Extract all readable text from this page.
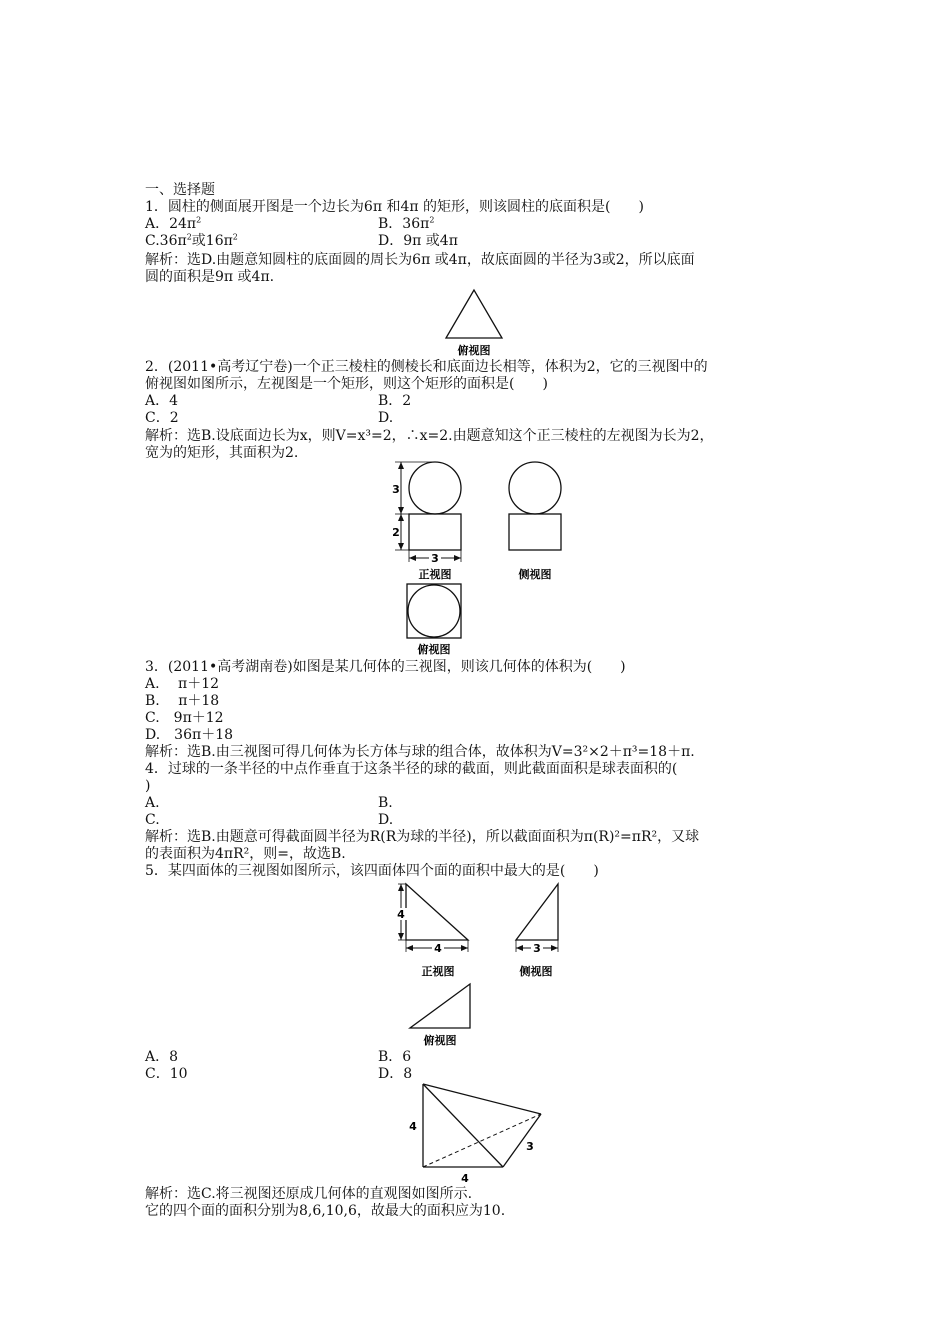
一、选择题
1．圆柱的侧面展开图是一个边长为6π 和4π 的矩形，则该圆柱的底面积是(　　)
A．$24\pi^2$	B．$36\pi^2$
$C.36\pi^2$或$16\pi^2$	D．9π 或4π
解析：选D.由题意知圆柱的底面圆的周长为6π 或4π，故底面圆的半径为3或2，所以底面
圆的面积是9π 或4π.
俯视图
2．(2011•高考辽宁卷)一个正三棱柱的侧棱长和底面边长相等，体积为2，它的三视图中的
俯视图如图所示，左视图是一个矩形，则这个矩形的面积是(　　)
A．4	B．2
C．2	D.
解析：选B.设底面边长为x，则V=x³=2，∴x=2.由题意知这个正三棱柱的左视图为长为2，
宽为的矩形，其面积为2.
3
2
3
正视图	侧视图
俯视图
3．(2011•高考湖南卷)如图是某几何体的三视图，则该几何体的体积为(　　)
A.　 π＋12
B.　 π＋18
C.　9π＋12
D.　36π＋18
解析：选B.由三视图可得几何体为长方体与球的组合体，故体积为V=3²×2＋π³=18＋π.
4．过球的一条半径的中点作垂直于这条半径的球的截面，则此截面面积是球表面积的(
)
A.	B.
C.	D.
解析：选B.由题意可得截面圆半径为R(R为球的半径)，所以截面面积为π(R)²=πR²，又球
的表面积为4πR²，则=，故选B.
5．某四面体的三视图如图所示，该四面体四个面的面积中最大的是(　　)
4
4
正视图
3
侧视图
俯视图
A．8	B．6
C．10	D．8
4
3
4
解析：选C.将三视图还原成几何体的直观图如图所示.
它的四个面的面积分别为8,6,10,6，故最大的面积应为10.
